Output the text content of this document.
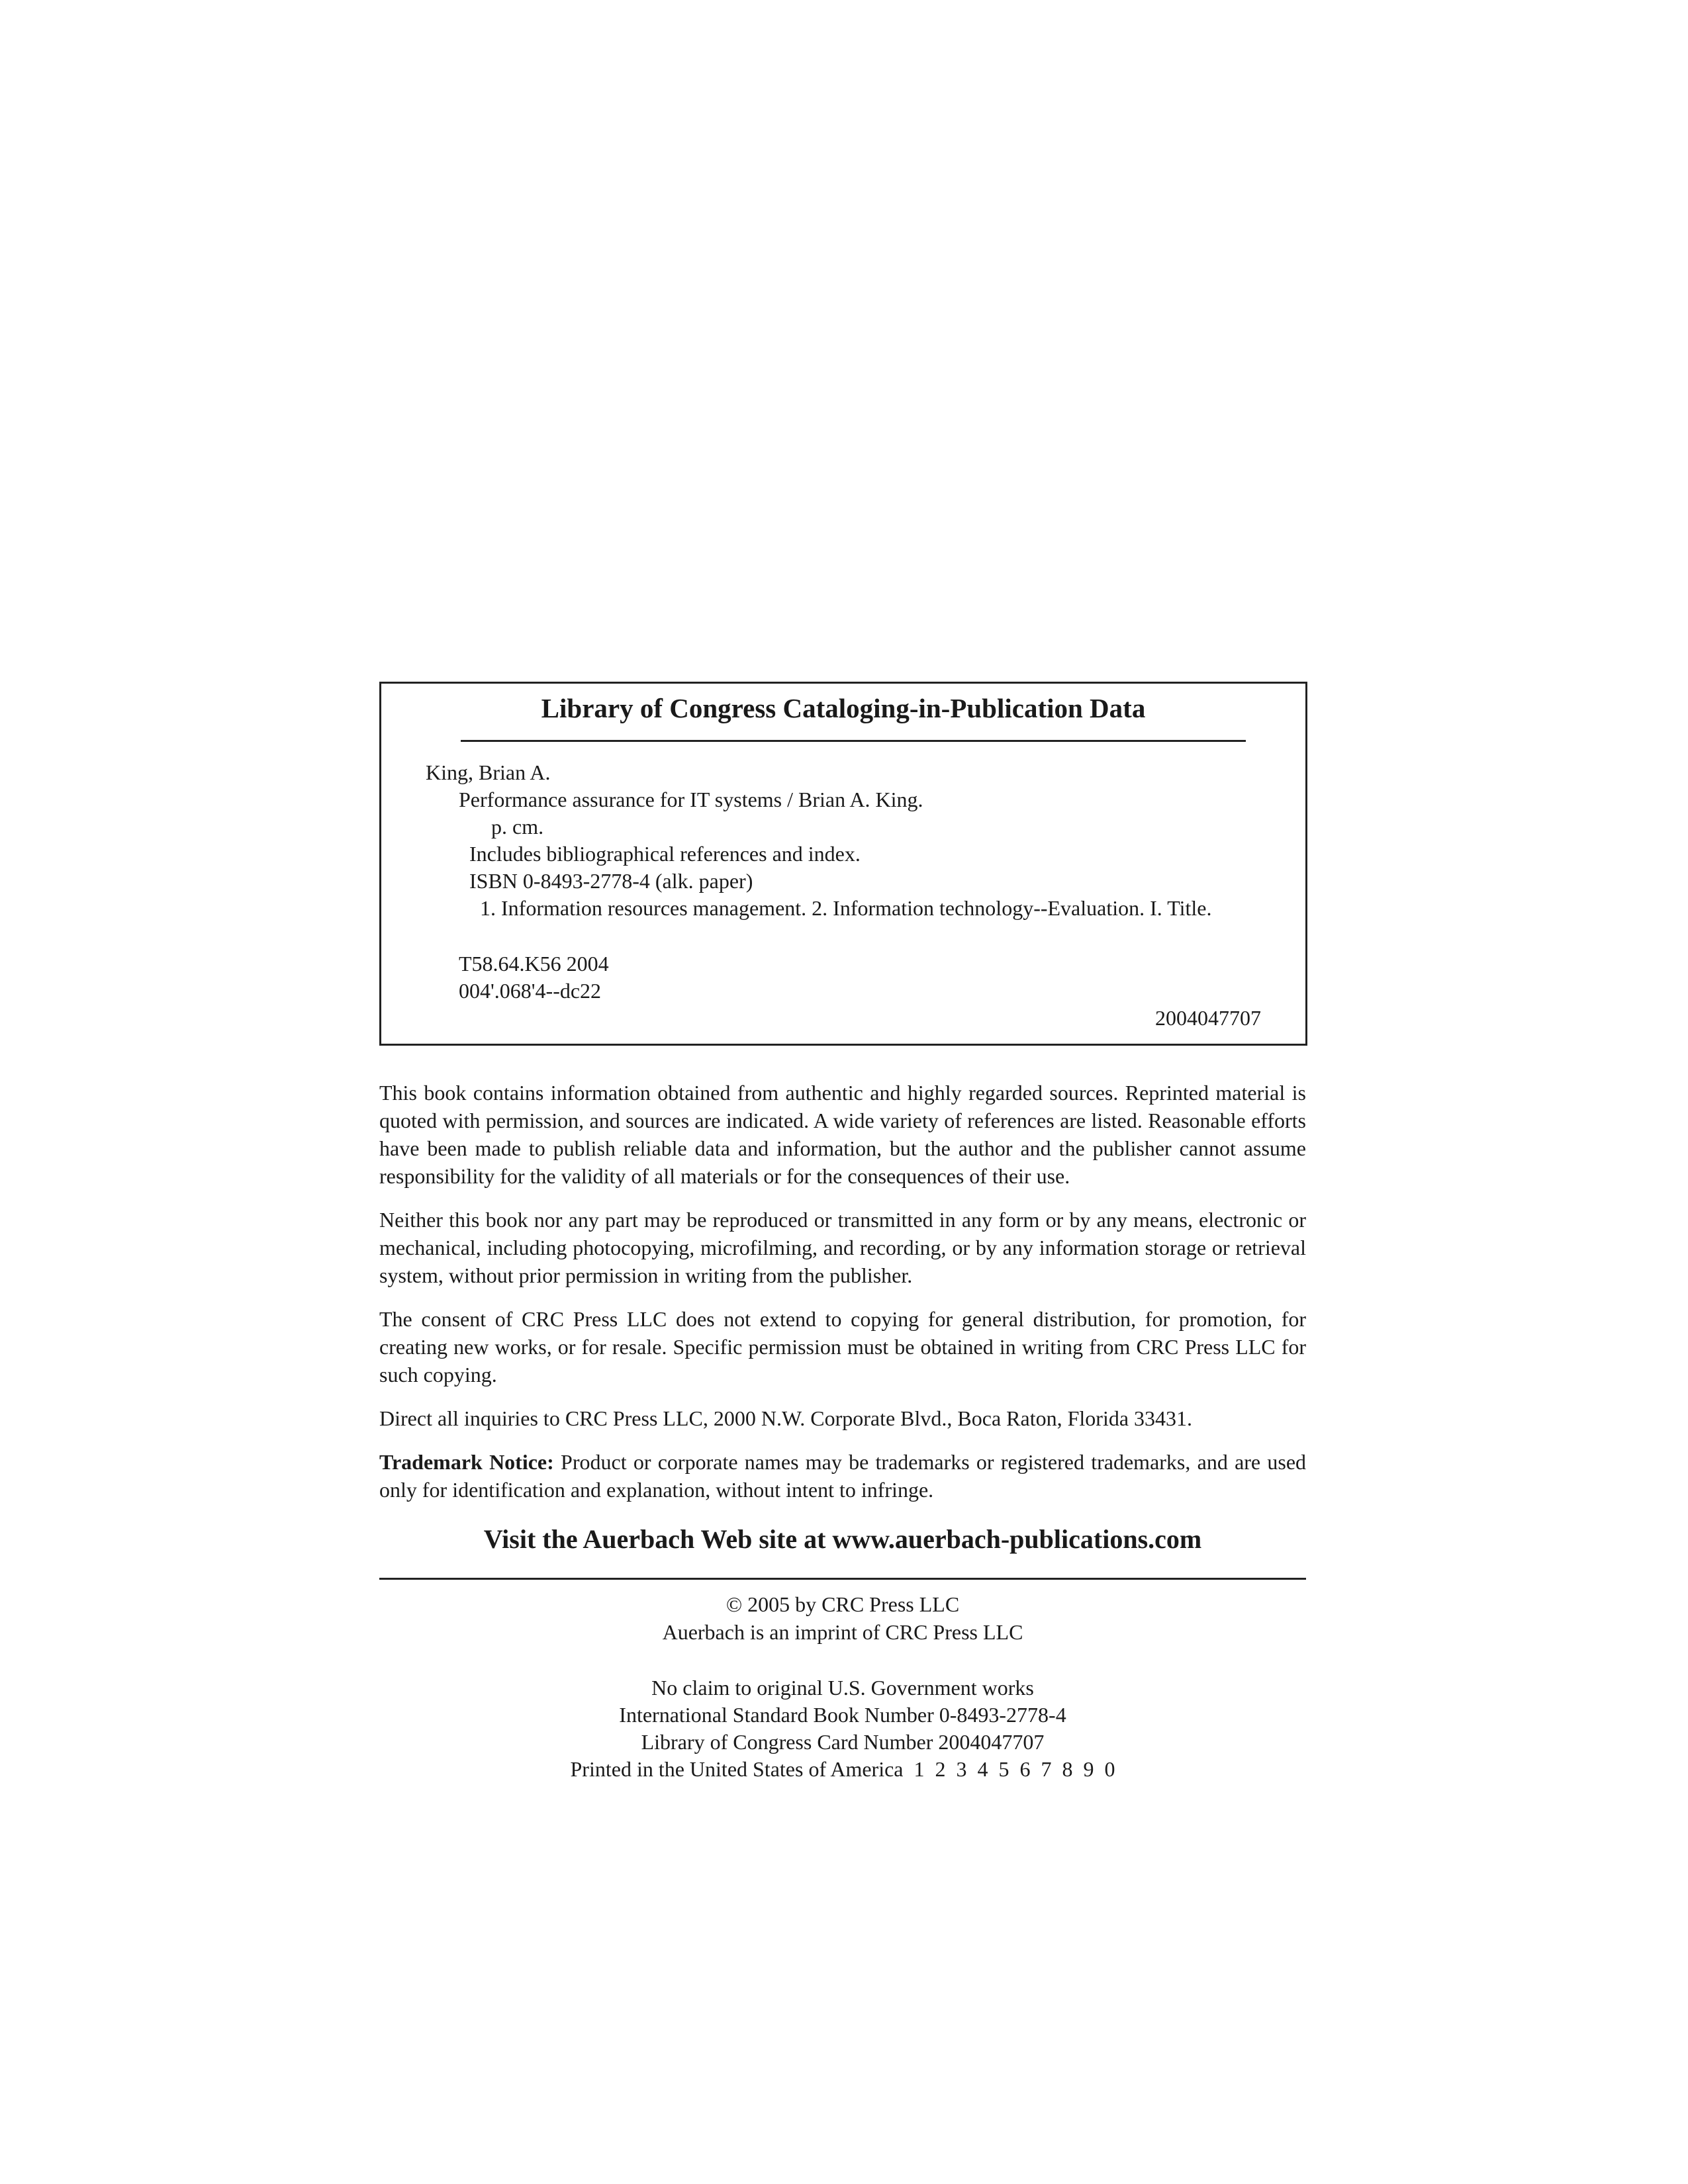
Library of Congress Cataloging-in-Publication Data
King, Brian A.
Performance assurance for IT systems / Brian A. King.
p. cm.
Includes bibliographical references and index.
ISBN 0-8493-2778-4 (alk. paper)
1. Information resources management. 2. Information technology--Evaluation. I. Title.
T58.64.K56 2004
004'.068'4--dc22
2004047707
This book contains information obtained from authentic and highly regarded sources. Reprinted material is quoted with permission, and sources are indicated. A wide variety of references are listed. Reasonable efforts have been made to publish reliable data and information, but the author and the publisher cannot assume responsibility for the validity of all materials or for the consequences of their use.
Neither this book nor any part may be reproduced or transmitted in any form or by any means, electronic or mechanical, including photocopying, microfilming, and recording, or by any information storage or retrieval system, without prior permission in writing from the publisher.
The consent of CRC Press LLC does not extend to copying for general distribution, for promotion, for creating new works, or for resale. Specific permission must be obtained in writing from CRC Press LLC for such copying.
Direct all inquiries to CRC Press LLC, 2000 N.W. Corporate Blvd., Boca Raton, Florida 33431.
Trademark Notice: Product or corporate names may be trademarks or registered trademarks, and are used only for identification and explanation, without intent to infringe.
Visit the Auerbach Web site at www.auerbach-publications.com
© 2005 by CRC Press LLC
Auerbach is an imprint of CRC Press LLC
No claim to original U.S. Government works
International Standard Book Number 0-8493-2778-4
Library of Congress Card Number 2004047707
Printed in the United States of America  1  2  3  4  5  6  7  8  9  0
